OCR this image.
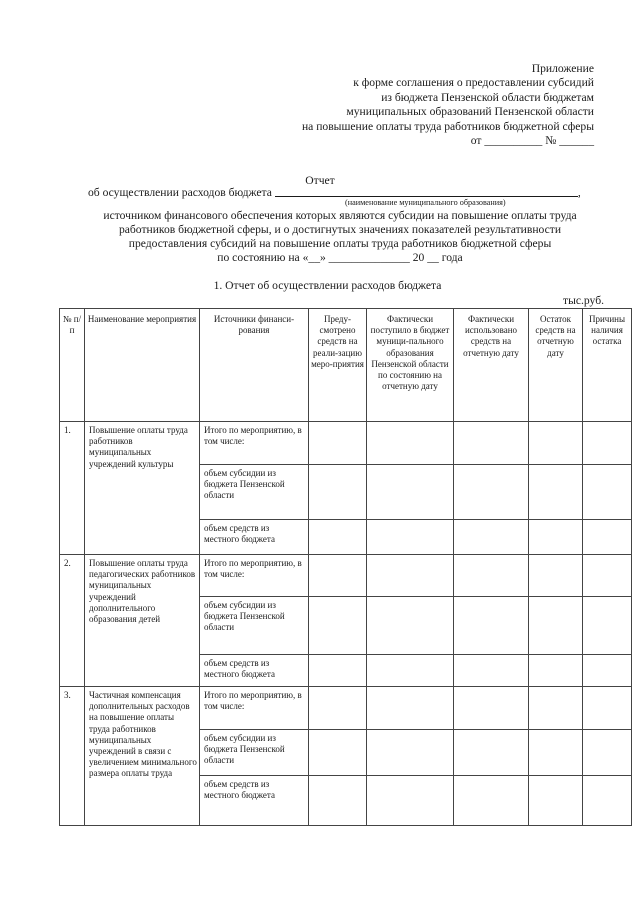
Приложение
к форме соглашения о предоставлении субсидий
из бюджета Пензенской области бюджетам
муниципальных образований Пензенской области
на повышение оплаты труда работников бюджетной сферы
от __________ № ______
Отчет
об осуществлении расходов бюджета	,
(наименование муниципального образования)
источником финансового обеспечения которых являются субсидии на повышение оплаты труда
работников бюджетной сферы, и о достигнутых значениях показателей результативности
предоставления субсидий на повышение оплаты труда работников бюджетной сферы
по состоянию на «__» ______________ 20 __ года
1. Отчет об осуществлении расходов бюджета
тыс.руб.
№ п/п	Наименование мероприятия	Источники финанси-рования	Преду-смотрено средств на реали-зацию меро-приятия	Фактически поступило в бюджет муници-пального образования Пензенской области по состоянию на отчетную дату	Фактически использовано средств на отчетную дату	Остаток средств на отчетную дату	Причины наличия остатка
1.	Повышение оплаты труда работников муниципальных учреждений культуры	Итого по мероприятию, в том числе:					
		объем субсидии из бюджета Пензенской области					
		объем средств из местного бюджета					
2.	Повышение оплаты труда педагогических работников муниципальных учреждений дополнительного образования детей	Итого по мероприятию, в том числе:					
		объем субсидии из бюджета Пензенской области					
		объем средств из местного бюджета					
3.	Частичная компенсация дополнительных расходов на повышение оплаты труда работников муниципальных учреждений в связи с увеличением минимального размера оплаты труда	Итого по мероприятию, в том числе:					
		объем субсидии из бюджета Пензенской области					
		объем средств из местного бюджета					
